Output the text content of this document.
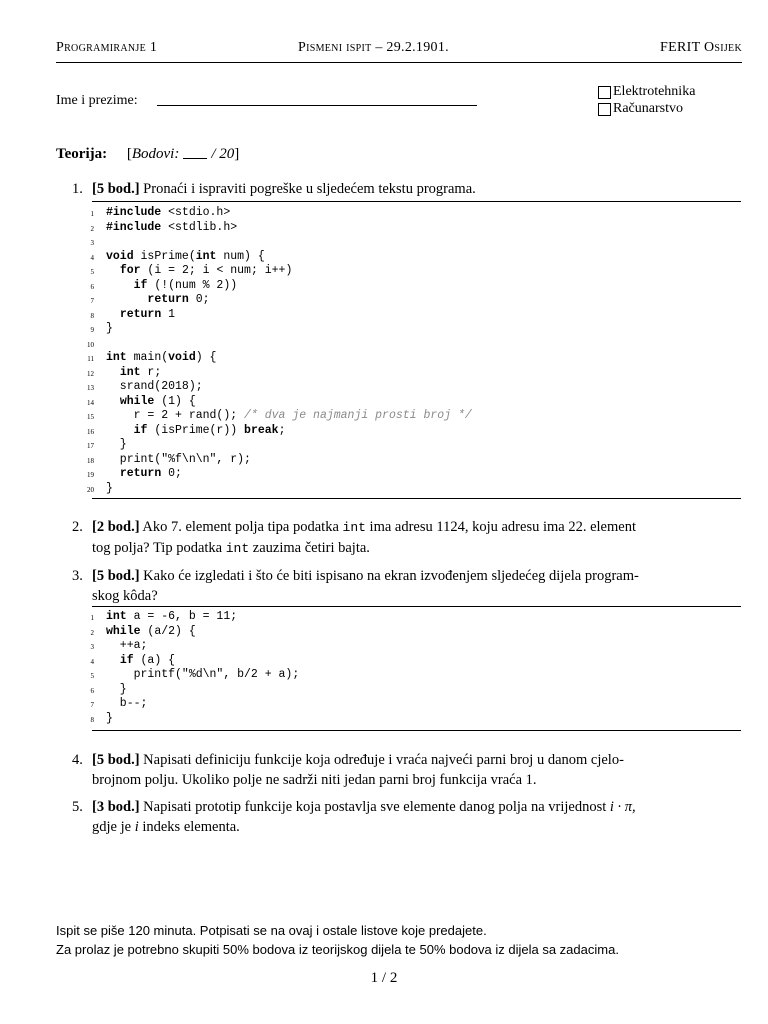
Programiranje 1	Pismeni ispit – 29.2.1901.	FERIT Osijek
Ime i prezime:
Elektrotehnika
Računarstvo
Teorija: [Bodovi: / 20]
1. [5 bod.] Pronaći i ispraviti pogreške u sljedećem tekstu programa.
1 #include <stdio.h>
2 #include <stdlib.h>
3
4 void isPrime(int num) {
5	for (i = 2; i < num; i++)
6	if (!(num % 2))
7	return 0;
8	return 1
9 }
10
11 int main(void) {
12	int r;
13 srand(2018);
14	while (1) {
15 r = 2 + rand(); /* dva je najmanji prosti broj */
16	if (isPrime(r)) break;
17 }
18 print("%f\n\n", r);
19	return 0;
20 }
2. [2 bod.] Ako 7. element polja tipa podatka int ima adresu 1124, koju adresu ima 22. element
tog polja? Tip podatka int zauzima četiri bajta.
3. [5 bod.] Kako će izgledati i što će biti ispisano na ekran izvođenjem sljedećeg dijela program-
skog kôda?
1 int a = -6, b = 11;
2 while (a/2) {
3 ++a;
4	if (a) {
5 printf("%d\n", b/2 + a);
6 }
7 b--;
8 }
4. [5 bod.] Napisati definiciju funkcije koja određuje i vraća najveći parni broj u danom cjelo-
brojnom polju. Ukoliko polje ne sadrži niti jedan parni broj funkcija vraća 1.
5. [3 bod.] Napisati prototip funkcije koja postavlja sve elemente danog polja na vrijednost i · π,
gdje je i indeks elementa.
Ispit se piše 120 minuta. Potpisati se na ovaj i ostale listove koje predajete.
Za prolaz je potrebno skupiti 50% bodova iz teorijskog dijela te 50% bodova iz dijela sa zadacima.
1 / 2
